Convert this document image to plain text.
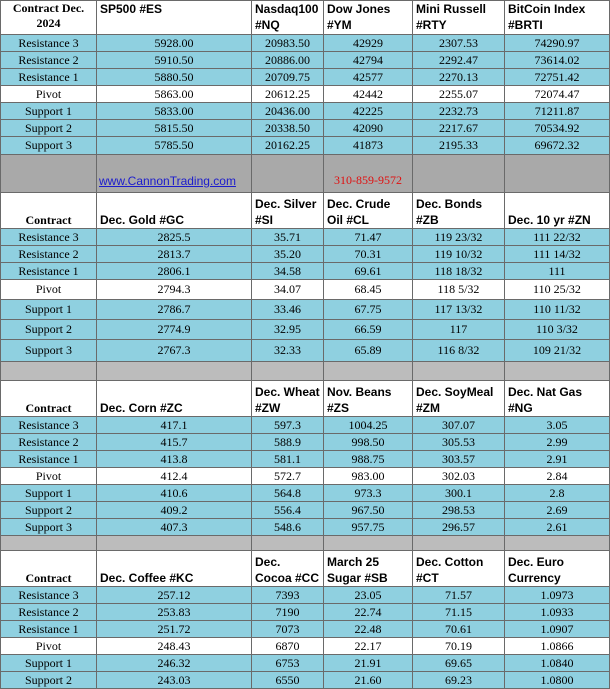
Contract Dec. 2024	SP500 #ES	Nasdaq100 #NQ	Dow Jones #YM	Mini Russell #RTY	BitCoin Index #BRTI
Resistance 3	5928.00	20983.50	42929	2307.53	74290.97
Resistance 2	5910.50	20886.00	42794	2292.47	73614.02
Resistance 1	5880.50	20709.75	42577	2270.13	72751.42
Pivot	5863.00	20612.25	42442	2255.07	72074.47
Support 1	5833.00	20436.00	42225	2232.73	71211.87
Support 2	5815.50	20338.50	42090	2217.67	70534.92
Support 3	5785.50	20162.25	41873	2195.33	69672.32
	www.CannonTrading.com		310-859-9572		
Contract	Dec. Gold #GC	Dec. Silver #SI	Dec. Crude Oil #CL	Dec. Bonds #ZB	Dec. 10 yr #ZN
Resistance 3	2825.5	35.71	71.47	119 23/32	111 22/32
Resistance 2	2813.7	35.20	70.31	119 10/32	111 14/32
Resistance 1	2806.1	34.58	69.61	118 18/32	111
Pivot	2794.3	34.07	68.45	118 5/32	110 25/32
Support 1	2786.7	33.46	67.75	117 13/32	110 11/32
Support 2	2774.9	32.95	66.59	117	110 3/32
Support 3	2767.3	32.33	65.89	116 8/32	109 21/32

Contract	Dec. Corn #ZC	Dec. Wheat #ZW	Nov. Beans #ZS	Dec. SoyMeal #ZM	Dec. Nat Gas #NG
Resistance 3	417.1	597.3	1004.25	307.07	3.05
Resistance 2	415.7	588.9	998.50	305.53	2.99
Resistance 1	413.8	581.1	988.75	303.57	2.91
Pivot	412.4	572.7	983.00	302.03	2.84
Support 1	410.6	564.8	973.3	300.1	2.8
Support 2	409.2	556.4	967.50	298.53	2.69
Support 3	407.3	548.6	957.75	296.57	2.61

Contract	Dec. Coffee #KC	Dec. Cocoa #CC	March 25 Sugar #SB	Dec. Cotton #CT	Dec. Euro Currency
Resistance 3	257.12	7393	23.05	71.57	1.0973
Resistance 2	253.83	7190	22.74	71.15	1.0933
Resistance 1	251.72	7073	22.48	70.61	1.0907
Pivot	248.43	6870	22.17	70.19	1.0866
Support 1	246.32	6753	21.91	69.65	1.0840
Support 2	243.03	6550	21.60	69.23	1.0800
